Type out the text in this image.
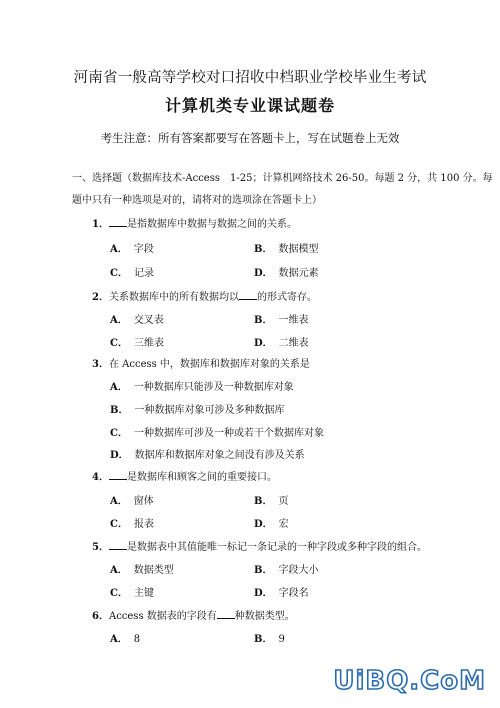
河南省一般高等学校对口招收中档职业学校毕业生考试
计算机类专业课试题卷
考生注意：所有答案都要写在答题卡上，写在试题卷上无效
一、选择题（数据库技术-Access　1-25；计算机网络技术 26-50。每题 2 分，共 100 分。每
题中只有一种选项是对的，请将对的选项涂在答题卡上）
1． 是指数据库中数据与数据之间的关系。
A． 字段	B． 数据模型
C． 记录	D． 数据元素
2．关系数据库中的所有数据均以 的形式寄存。
A． 交叉表	B． 一维表
C． 三维表	D． 二维表
3．在 Access 中，数据库和数据库对象的关系是
A． 一种数据库只能涉及一种数据库对象
B． 一种数据库对象可涉及多种数据库
C． 一种数据库可涉及一种或若干个数据库对象
D． 数据库和数据库对象之间没有涉及关系
4． 是数据库和顾客之间的重要接口。
A． 窗体	B． 页
C． 报表	D． 宏
5． 是数据表中其值能唯一标记一条记录的一种字段或多种字段的组合。
A． 数据类型	B． 字段大小
C． 主键	D． 字段名
6．Access 数据表的字段有 种数据类型。
A． 8	B． 9
UiBQ.CoM
